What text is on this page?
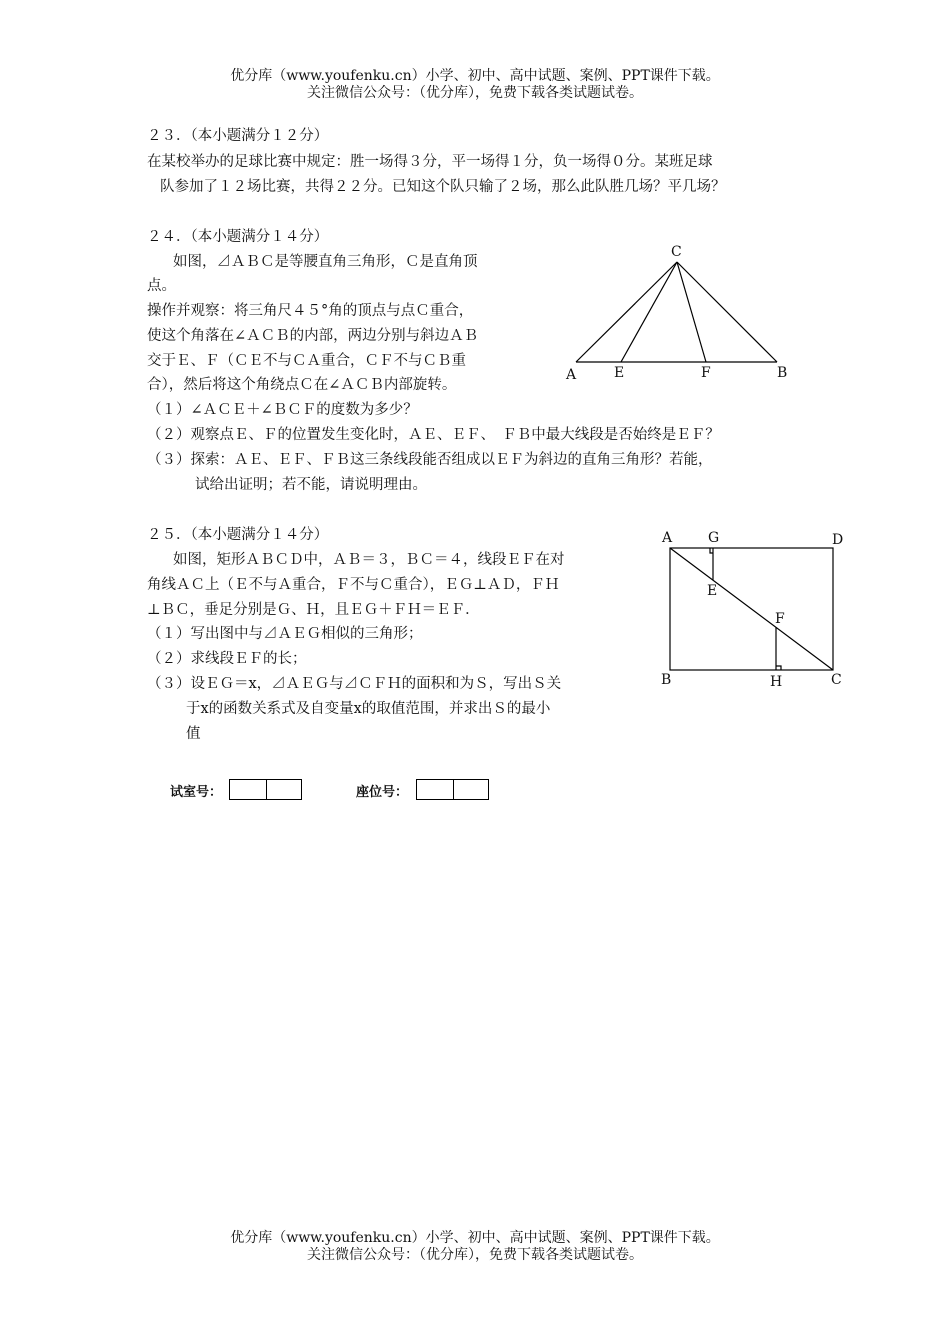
优分库（www.youfenku.cn）小学、初中、高中试题、案例、PPT课件下载。
关注微信公众号：（优分库），免费下载各类试题试卷。
２３．（本小题满分１２分）
在某校举办的足球比赛中规定：胜一场得３分，平一场得１分，负一场得０分。某班足球
队参加了１２场比赛，共得２２分。已知这个队只输了２场，那么此队胜几场？平几场？
２４．（本小题满分１４分）
如图，⊿ＡＢＣ是等腰直角三角形，Ｃ是直角顶
点。
操作并观察：将三角尺４５°角的顶点与点Ｃ重合，
使这个角落在∠ＡＣＢ的内部，两边分别与斜边ＡＢ
交于Ｅ、Ｆ（ＣＥ不与ＣＡ重合，ＣＦ不与ＣＢ重
合），然后将这个角绕点Ｃ在∠ＡＣＢ内部旋转。
（１）∠ＡＣＥ＋∠ＢＣＦ的度数为多少？
（２）观察点Ｅ、Ｆ的位置发生变化时，ＡＥ、ＥＦ、　ＦＢ中最大线段是否始终是ＥＦ？
（３）探索：ＡＥ、ＥＦ、ＦＢ这三条线段能否组成以ＥＦ为斜边的直角三角形？若能，
试给出证明；若不能，请说明理由。
C
A	E	F	B
２５．（本小题满分１４分）
如图，矩形ＡＢＣＤ中，ＡＢ＝３，ＢＣ＝４，线段ＥＦ在对
角线ＡＣ上（Ｅ不与Ａ重合，Ｆ不与Ｃ重合），ＥＧ⊥ＡＤ，ＦＨ
⊥ＢＣ，垂足分别是Ｇ、Ｈ，且ＥＧ＋ＦＨ＝ＥＦ．
（１）写出图中与⊿ＡＥＧ相似的三角形；
（２）求线段ＥＦ的长；
（３）设ＥＧ＝x，⊿ＡＥＧ与⊿ＣＦＨ的面积和为Ｓ，写出Ｓ关
于x的函数关系式及自变量x的取值范围，并求出Ｓ的最小
值
A	G	D
E
F
B	H	C
试室号：	座位号：
优分库（www.youfenku.cn）小学、初中、高中试题、案例、PPT课件下载。
关注微信公众号：（优分库），免费下载各类试题试卷。
